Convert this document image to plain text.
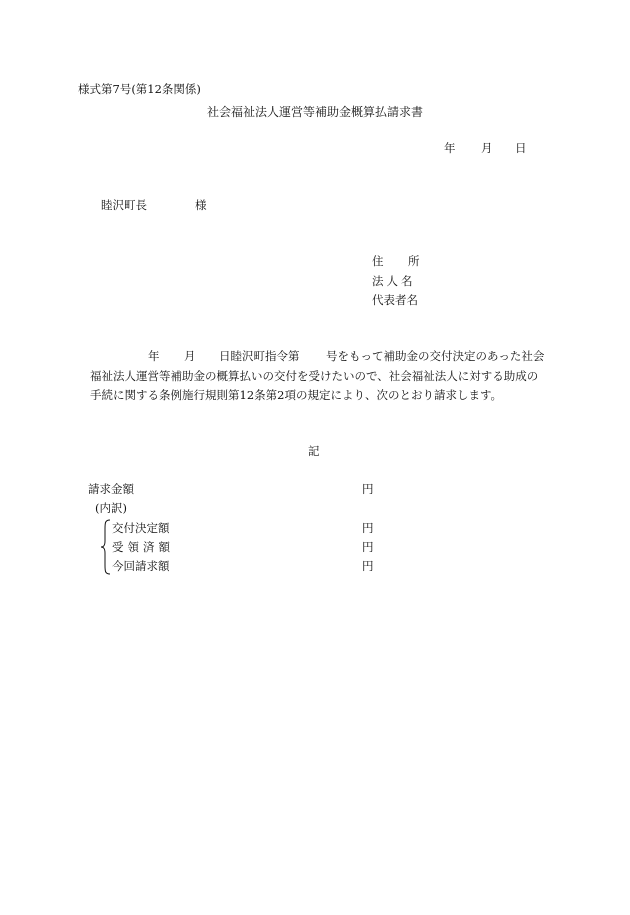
様式第7号(第12条関係)
社会福祉法人運営等補助金概算払請求書
年 月 日
睦沢町長	様
住 所
法人名
代表者名
年 月 日睦沢町指令第 号をもって補助金の交付決定のあった社会
福祉法人運営等補助金の概算払いの交付を受けたいので、社会福祉法人に対する助成の
手続に関する条例施行規則第12条第2項の規定により、次のとおり請求します。
記
請求金額	円
(内訳)
交付決定額	円
受領済額	円
今回請求額	円
